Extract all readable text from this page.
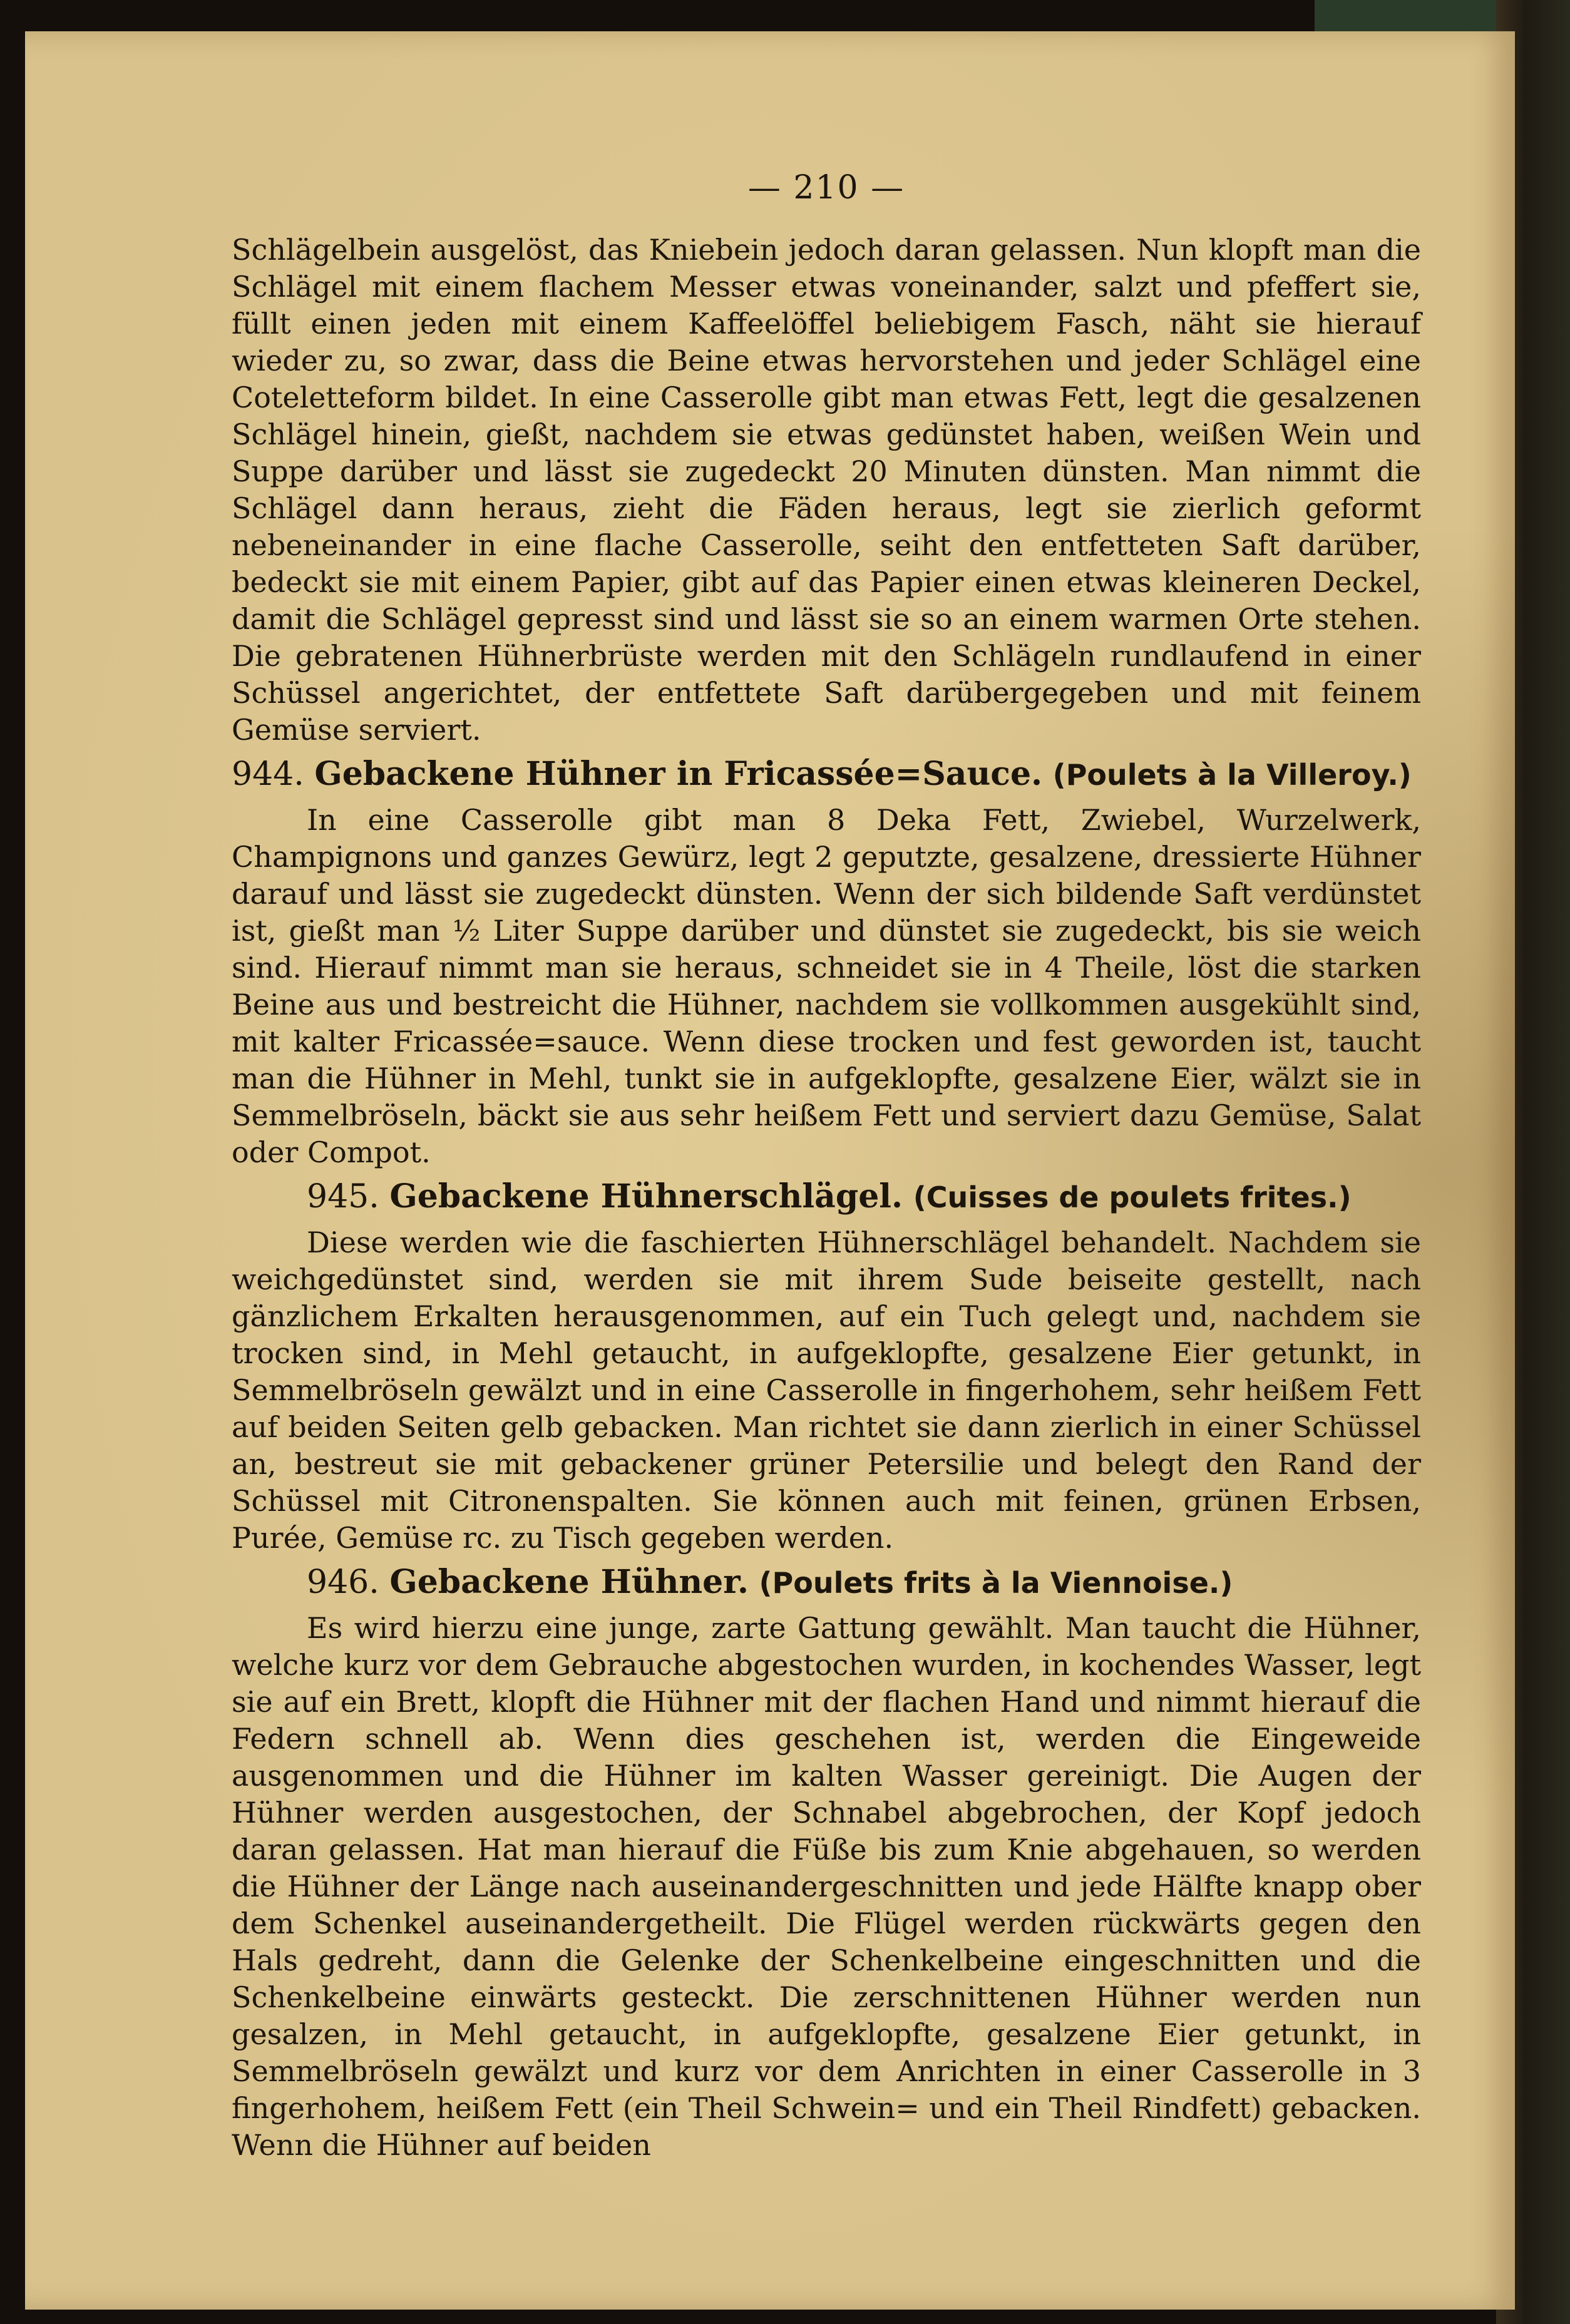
— 210 —

Schlägelbein ausgelöst, das Kniebein jedoch daran gelassen. Nun klopft man die Schlägel mit einem flachem Messer etwas voneinander, salzt und pfeffert sie, füllt einen jeden mit einem Kaffeelöffel beliebigem Fasch, näht sie hierauf wieder zu, so zwar, dass die Beine etwas hervorstehen und jeder Schlägel eine Coteletteform bildet. In eine Casserolle gibt man etwas Fett, legt die gesalzenen Schlägel hinein, gießt, nachdem sie etwas gedünstet haben, weißen Wein und Suppe darüber und lässt sie zugedeckt 20 Minuten dünsten. Man nimmt die Schlägel dann heraus, zieht die Fäden heraus, legt sie zierlich geformt nebeneinander in eine flache Casserolle, seiht den entfetteten Saft darüber, bedeckt sie mit einem Papier, gibt auf das Papier einen etwas kleineren Deckel, damit die Schlägel gepresst sind und lässt sie so an einem warmen Orte stehen. Die gebratenen Hühnerbrüste werden mit den Schlägeln rundlaufend in einer Schüssel angerichtet, der entfettete Saft darübergegeben und mit feinem Gemüse serviert.

944. Gebackene Hühner in Fricassée=Sauce. (Poulets à la Villeroy.)

In eine Casserolle gibt man 8 Deka Fett, Zwiebel, Wurzelwerk, Champignons und ganzes Gewürz, legt 2 geputzte, gesalzene, dressierte Hühner darauf und lässt sie zugedeckt dünsten. Wenn der sich bildende Saft verdünstet ist, gießt man ½ Liter Suppe darüber und dünstet sie zugedeckt, bis sie weich sind. Hierauf nimmt man sie heraus, schneidet sie in 4 Theile, löst die starken Beine aus und bestreicht die Hühner, nachdem sie vollkommen ausgekühlt sind, mit kalter Fricassée=sauce. Wenn diese trocken und fest geworden ist, taucht man die Hühner in Mehl, tunkt sie in aufgeklopfte, gesalzene Eier, wälzt sie in Semmelbröseln, bäckt sie aus sehr heißem Fett und serviert dazu Gemüse, Salat oder Compot.

945. Gebackene Hühnerschlägel. (Cuisses de poulets frites.)

Diese werden wie die faschierten Hühnerschlägel behandelt. Nachdem sie weichgedünstet sind, werden sie mit ihrem Sude beiseite gestellt, nach gänzlichem Erkalten herausgenommen, auf ein Tuch gelegt und, nachdem sie trocken sind, in Mehl getaucht, in aufgeklopfte, gesalzene Eier getunkt, in Semmelbröseln gewälzt und in eine Casserolle in fingerhohem, sehr heißem Fett auf beiden Seiten gelb gebacken. Man richtet sie dann zierlich in einer Schüssel an, bestreut sie mit gebackener grüner Petersilie und belegt den Rand der Schüssel mit Citronenspalten. Sie können auch mit feinen, grünen Erbsen, Purée, Gemüse rc. zu Tisch gegeben werden.

946. Gebackene Hühner. (Poulets frits à la Viennoise.)

Es wird hierzu eine junge, zarte Gattung gewählt. Man taucht die Hühner, welche kurz vor dem Gebrauche abgestochen wurden, in kochendes Wasser, legt sie auf ein Brett, klopft die Hühner mit der flachen Hand und nimmt hierauf die Federn schnell ab. Wenn dies geschehen ist, werden die Eingeweide ausgenommen und die Hühner im kalten Wasser gereinigt. Die Augen der Hühner werden ausgestochen, der Schnabel abgebrochen, der Kopf jedoch daran gelassen. Hat man hierauf die Füße bis zum Knie abgehauen, so werden die Hühner der Länge nach auseinandergeschnitten und jede Hälfte knapp ober dem Schenkel auseinandergetheilt. Die Flügel werden rückwärts gegen den Hals gedreht, dann die Gelenke der Schenkelbeine eingeschnitten und die Schenkelbeine einwärts gesteckt. Die zerschnittenen Hühner werden nun gesalzen, in Mehl getaucht, in aufgeklopfte, gesalzene Eier getunkt, in Semmelbröseln gewälzt und kurz vor dem Anrichten in einer Casserolle in 3 fingerhohem, heißem Fett (ein Theil Schwein= und ein Theil Rindfett) gebacken. Wenn die Hühner auf beiden
